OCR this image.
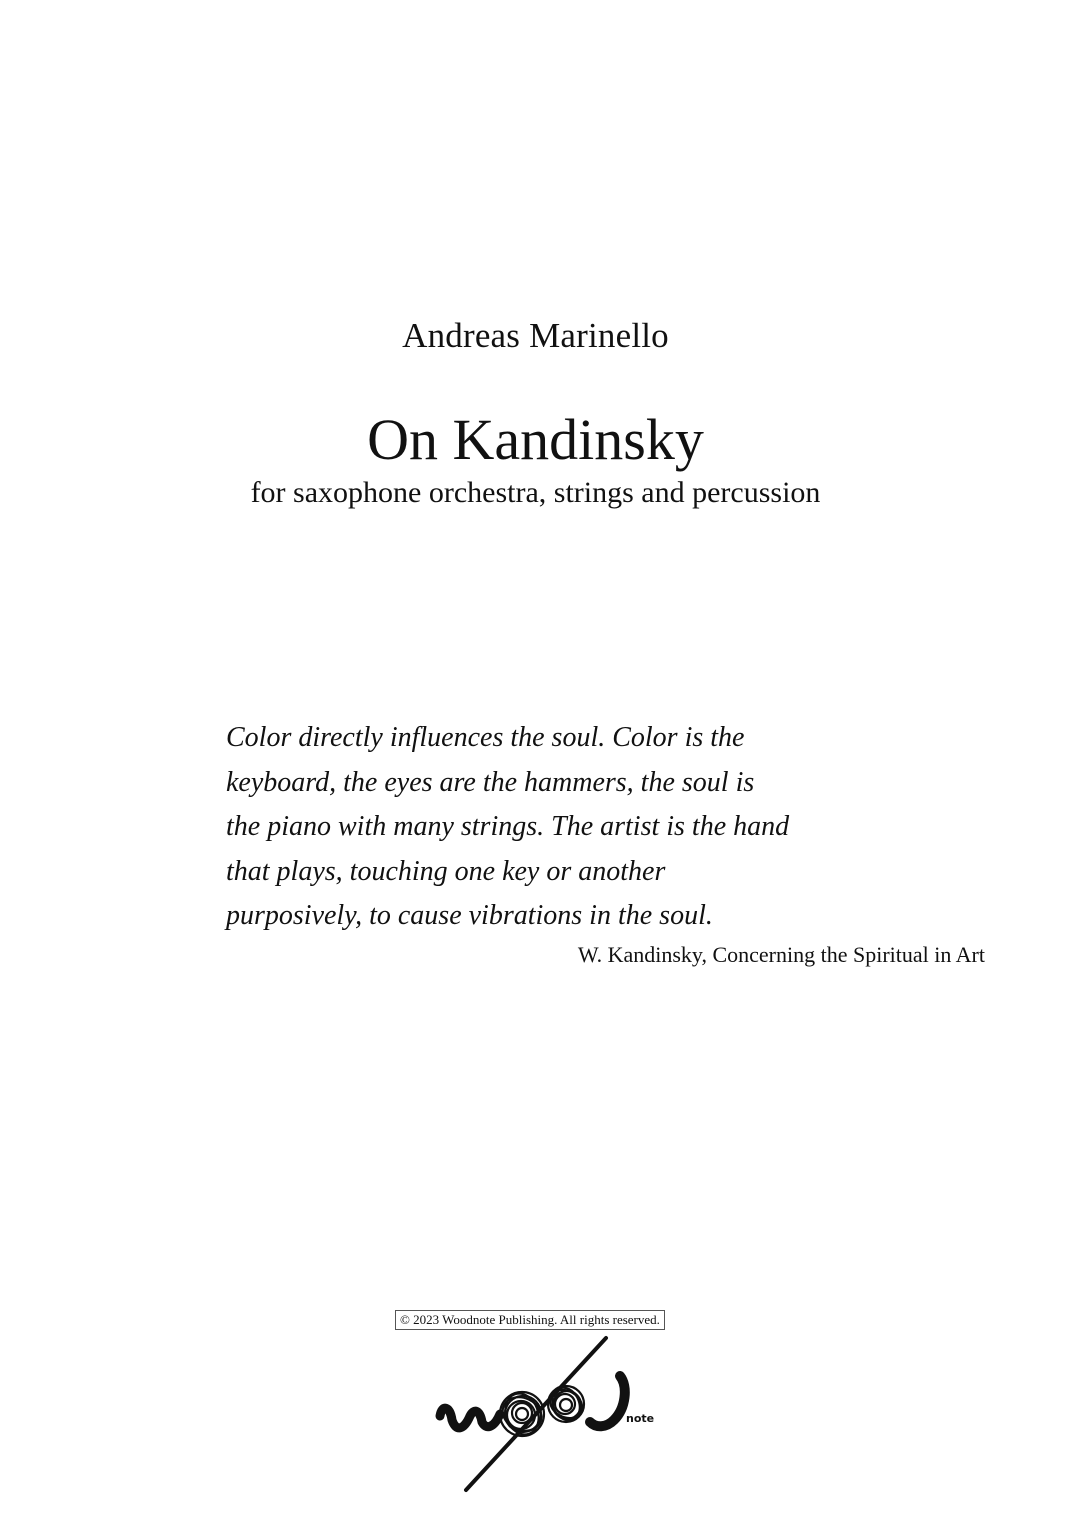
Andreas Marinello
On Kandinsky
for saxophone orchestra, strings and percussion
Color directly influences the soul. Color is the
keyboard, the eyes are the hammers, the soul is
the piano with many strings. The artist is the hand
that plays, touching one key or another
purposively, to cause vibrations in the soul.
W. Kandinsky, Concerning the Spiritual in Art
© 2023 Woodnote Publishing. All rights reserved.
note
